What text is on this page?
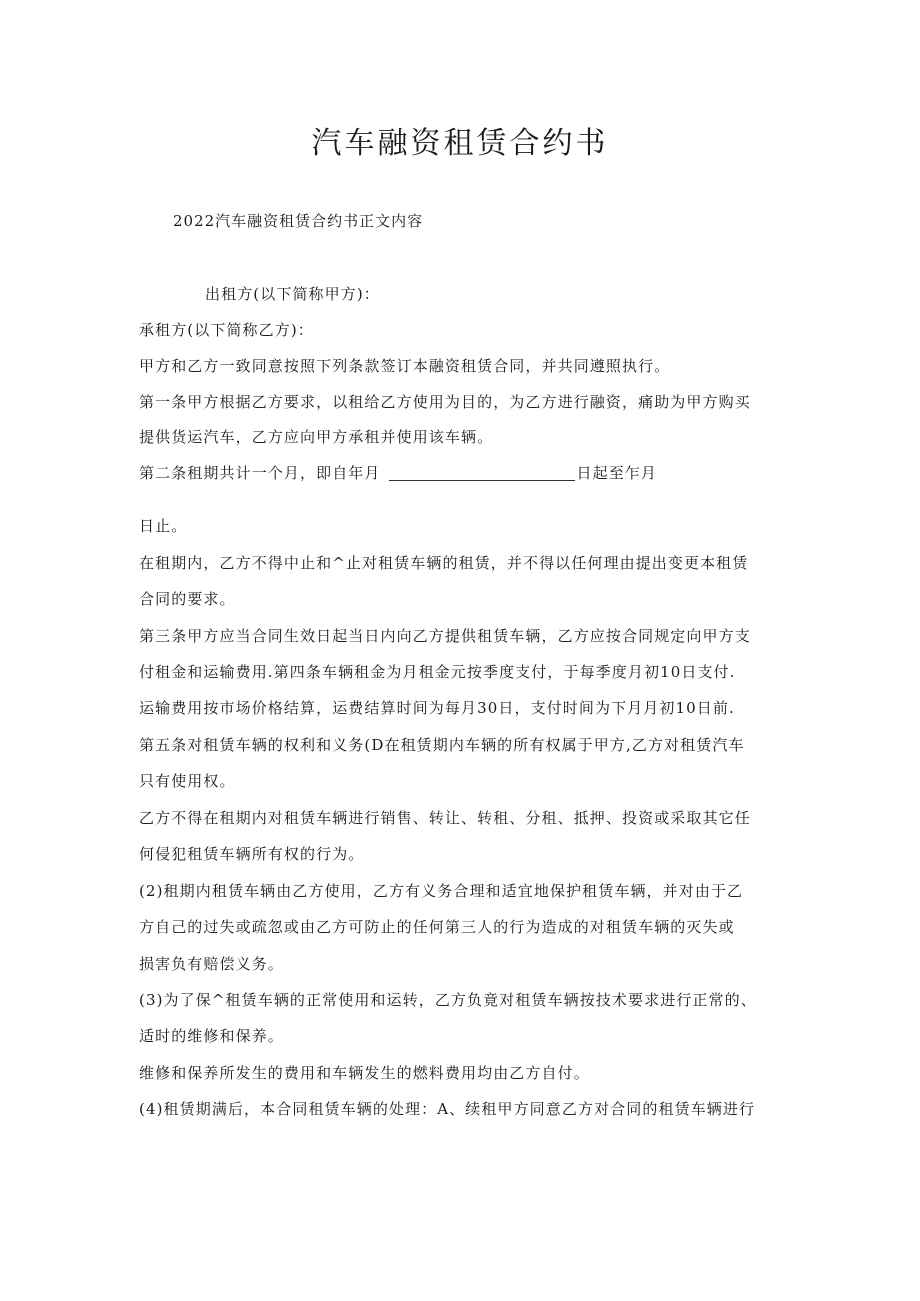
汽车融资租赁合约书
2022汽车融资租赁合约书正文内容
出租方(以下简称甲方)：
承租方(以下简称乙方)：
甲方和乙方一致同意按照下列条款签订本融资租赁合同，并共同遵照执行。
第一条甲方根据乙方要求，以租给乙方使用为目的，为乙方进行融资，痛助为甲方购买
提供货运汽车，乙方应向甲方承租并使用该车辆。
第二条租期共计一个月，即自年月	日起至乍月
日止。
在租期内，乙方不得中止和^止对租赁车辆的租赁，并不得以任何理由提出变更本租赁
合同的要求。
第三条甲方应当合同生效日起当日内向乙方提供租赁车辆，乙方应按合同规定向甲方支
付租金和运输费用.第四条车辆租金为月租金元按季度支付，于每季度月初10日支付.
运输费用按市场价格结算，运费结算时间为每月30日，支付时间为下月月初10日前.
第五条对租赁车辆的权利和义务(D在租赁期内车辆的所有权属于甲方,乙方对租赁汽车
只有使用权。
乙方不得在租期内对租赁车辆进行销售、转让、转租、分租、抵押、投资或采取其它任
何侵犯租赁车辆所有权的行为。
(2)租期内租赁车辆由乙方使用，乙方有义务合理和适宜地保护租赁车辆，并对由于乙
方自己的过失或疏忽或由乙方可防止的任何第三人的行为造成的对租赁车辆的灭失或
损害负有赔偿义务。
(3)为了保^租赁车辆的正常使用和运转，乙方负竟对租赁车辆按技术要求进行正常的、
适时的维修和保养。
维修和保养所发生的费用和车辆发生的燃料费用均由乙方自付。
(4)租赁期满后，本合同租赁车辆的处理：A、续租甲方同意乙方对合同的租赁车辆进行
